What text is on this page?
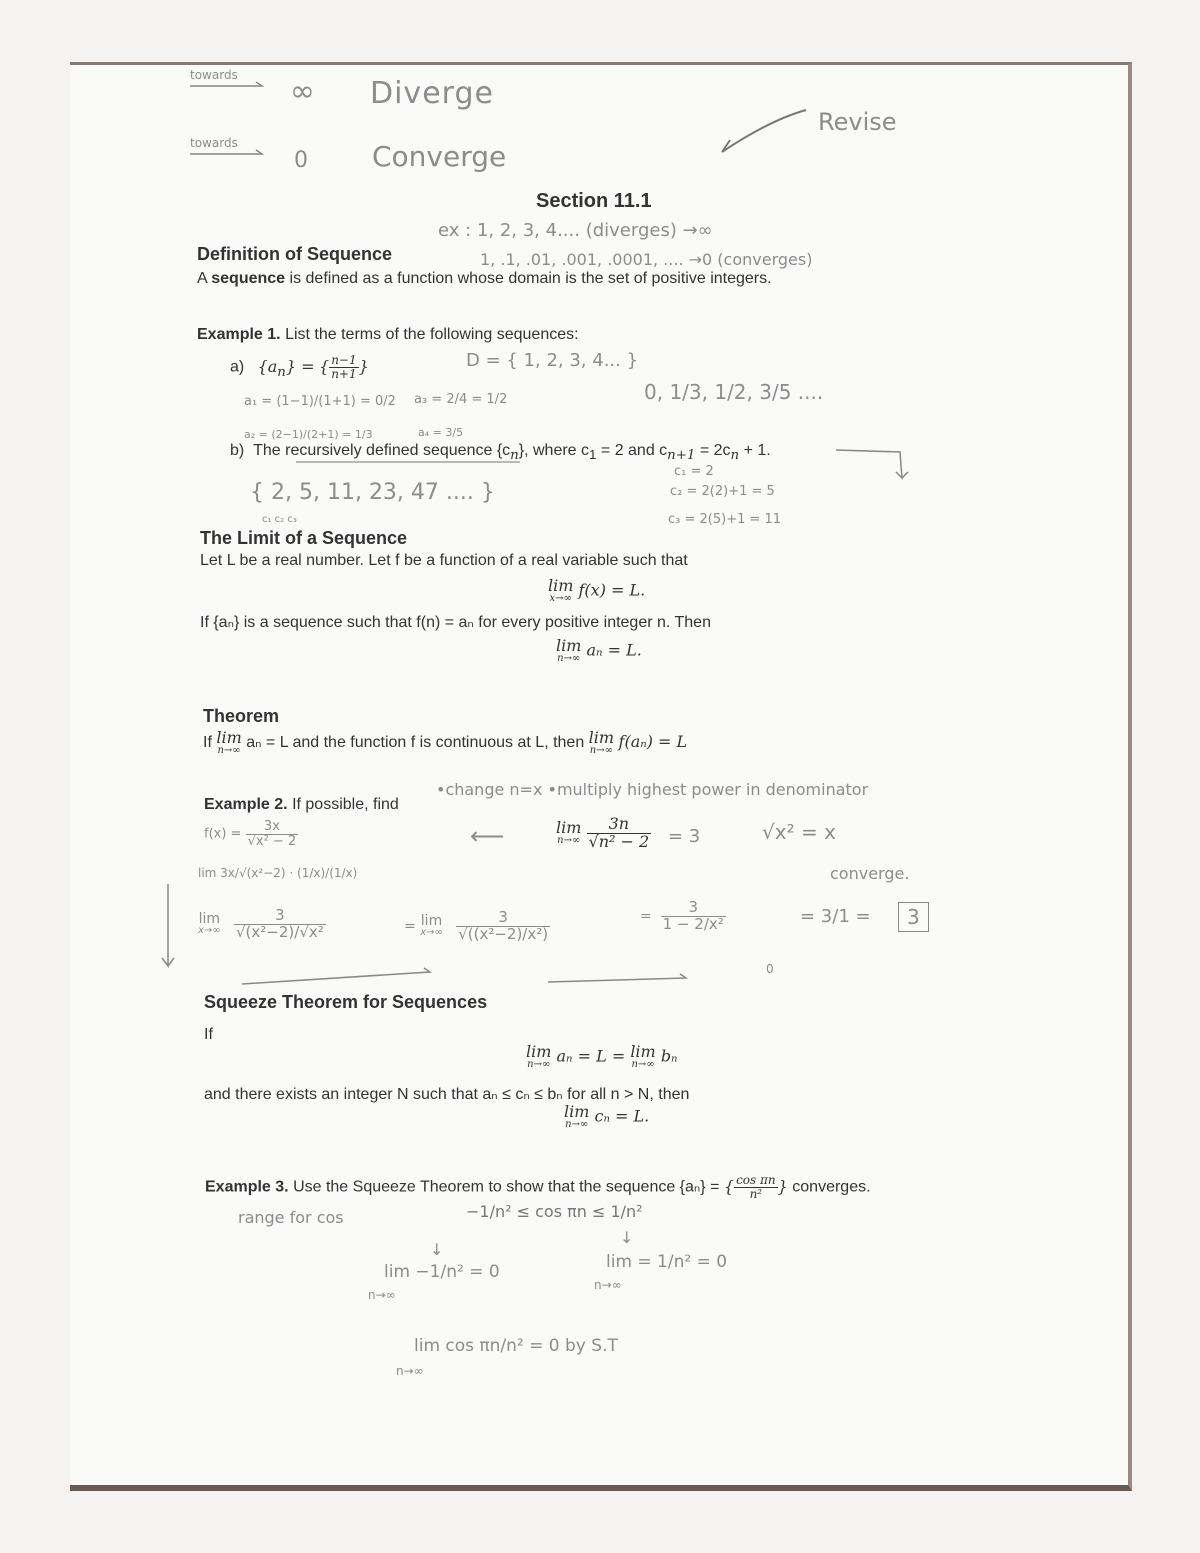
towards ∞ Diverge
towards
0 Converge
Revise
Section 11.1
Definition of Sequence
A sequence is defined as a function whose domain is the set of positive integers.
ex : 1, 2, 3, 4.... (diverges) →∞
1, .1, .01, .001, .0001, .... →0 (converges)
Example 1. List the terms of the following sequences:
a) $\{a_n\}$ = { $\frac{n-1}{n+1}$ }	D = { 1, 2, 3, 4... }
a₁ = (1−1)/(1+1) = 0/2 a₃ = 2/4 = 1/2	0, 1/3, 1/2, 3/5 ....
a₂ = (2−1)/(2+1) = 1/3	a₄ = 3/5
b) The recursively defined sequence $\{c_n\}$, where $c_1 = 2$ and $c_{n+1} = 2c_n + 1$.
{ 2, 5, 11, 23, 47 .... }
c₁ c₂ c₃
c₁ = 2
c₂ = 2(2)+1 = 5
c₃ = 2(5)+1 = 11
The Limit of a Sequence
Let L be a real number. Let f be a function of a real variable such that
lim
x→∞ f(x) = L.
If {aₙ} is a sequence such that f(n) = aₙ for every positive integer n. Then
lim
n→∞ aₙ = L.
Theorem
If lim
n→∞ aₙ = L and the function f is continuous at L, then lim
n→∞ f(aₙ) = L
Example 2. If possible, find
•change n=x •multiply highest power in denominator
$f(x) = \frac{3x}{\text{√x² − 2}}$	⟵	lim
n→∞
$\frac{3n}{\text{√n² − 2}} = 3$	√x² = x
converge.
lim 3x/√(x²−2) · (1/x)/(1/x)
lim
x→∞
$\frac{3}{\text{√(x²−2)/√x²}}$	= lim
x→∞
$\frac{3}{\text{√((x²−2)/x²)}}$	= $\frac{3}{\text{1 − 2/x²}}$
0
= 3/1 =	3
Squeeze Theorem for Sequences
If
lim
n→∞ aₙ = L = lim
n→∞ bₙ
and there exists an integer N such that aₙ ≤ cₙ ≤ bₙ for all n > N, then
lim
n→∞ cₙ = L.
Example 3. Use the Squeeze Theorem to show that the sequence {aₙ} = { $\frac{\text{cos πn}}{\text{n²}}$ } converges.
range for cos	−1/n² ≤ cos πn ≤ 1/n²
↓
↓
lim −1/n² = 0
n→∞
lim = 1/n² = 0
n→∞
lim cos πn/n² = 0 by S.T
n→∞
